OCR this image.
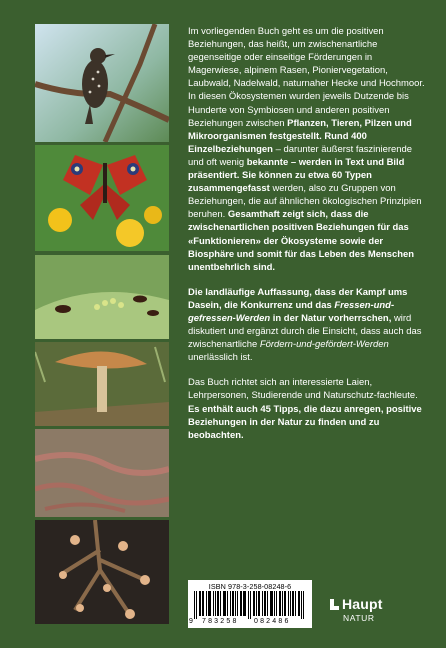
Im vorliegenden Buch geht es um die positiven Beziehungen, das heißt, um zwischenartliche gegenseitige oder einseitige Förderungen in Magerwiese, alpinem Rasen, Pioniervegetation, Laubwald, Nadelwald, naturnaher Hecke und Hochmoor. In diesen Ökosystemen wurden jeweils Dutzende bis Hunderte von Symbiosen und anderen positiven Beziehungen zwischen Pflanzen, Tieren, Pilzen und Mikroorganismen festgestellt. Rund 400 Einzelbeziehungen – darunter äußerst faszinierende und oft wenig bekannte – werden in Text und Bild präsentiert. Sie können zu etwa 60 Typen zusammengefasst werden, also zu Gruppen von Beziehungen, die auf ähnlichen ökologischen Prinzipien beruhen. Gesamthaft zeigt sich, dass die zwischenartlichen positiven Beziehungen für das «Funktionieren» der Ökosysteme sowie der Biosphäre und somit für das Leben des Menschen unentbehrlich sind.

Die landläufige Auffassung, dass der Kampf ums Dasein, die Konkurrenz und das Fressen-und-gefressen-Werden in der Natur vorherrschen, wird diskutiert und ergänzt durch die Einsicht, dass auch das zwischenartliche Fördern-und-gefördert-Werden unerlässlich ist.

Das Buch richtet sich an interessierte Laien, Lehrpersonen, Studierende und Naturschutz-fachleute. Es enthält auch 45 Tipps, die dazu anregen, positive Beziehungen in der Natur zu finden und zu beobachten.

ISBN 978-3-258-08248-6
9 783258 082486
Haupt
NATUR
